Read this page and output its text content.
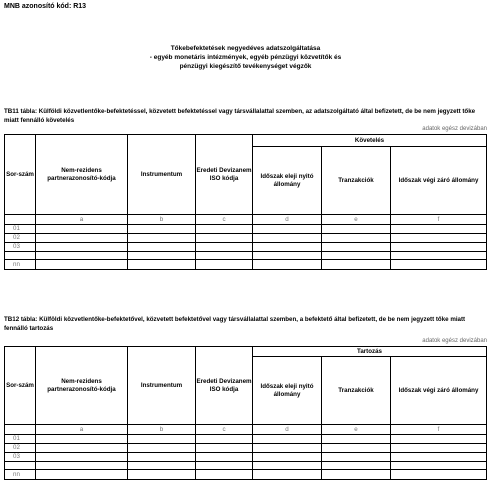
MNB azonosító kód: R13
Tőkebefektetések negyedéves adatszolgáltatása
- egyéb monetáris intézmények, egyéb pénzügyi közvetítők és
pénzügyi kiegészítő tevékenységet végzők
TB11 tábla: Külföldi közvetlentőke-befektetéssel, közvetett befektetéssel vagy társvállalattal szemben, az adatszolgáltató által befizetett, de be nem jegyzett tőke miatt fennálló követelés
adatok egész devizában
Sor-szám	Nem-rezidens partnerazonosító-kódja	Instrumentum	Eredeti Devizanem ISO kódja	Követelés		
				Időszak eleji nyitó állomány	Tranzakciók	Időszak végi záró állomány
	a	b	c	d	e	f
01						
02						
03						

nn						
TB12 tábla: Külföldi közvetlentőke-befektetővel, közvetett befektetővel vagy társvállalattal szemben, a befektető által befizetett, de be nem jegyzett tőke miatt fennálló tartozás
adatok egész devizában
Sor-szám	Nem-rezidens partnerazonosító-kódja	Instrumentum	Eredeti Devizanem ISO kódja	Tartozás		
				Időszak eleji nyitó állomány	Tranzakciók	Időszak végi záró állomány
	a	b	c	d	e	f
01						
02						
03						

nn						
